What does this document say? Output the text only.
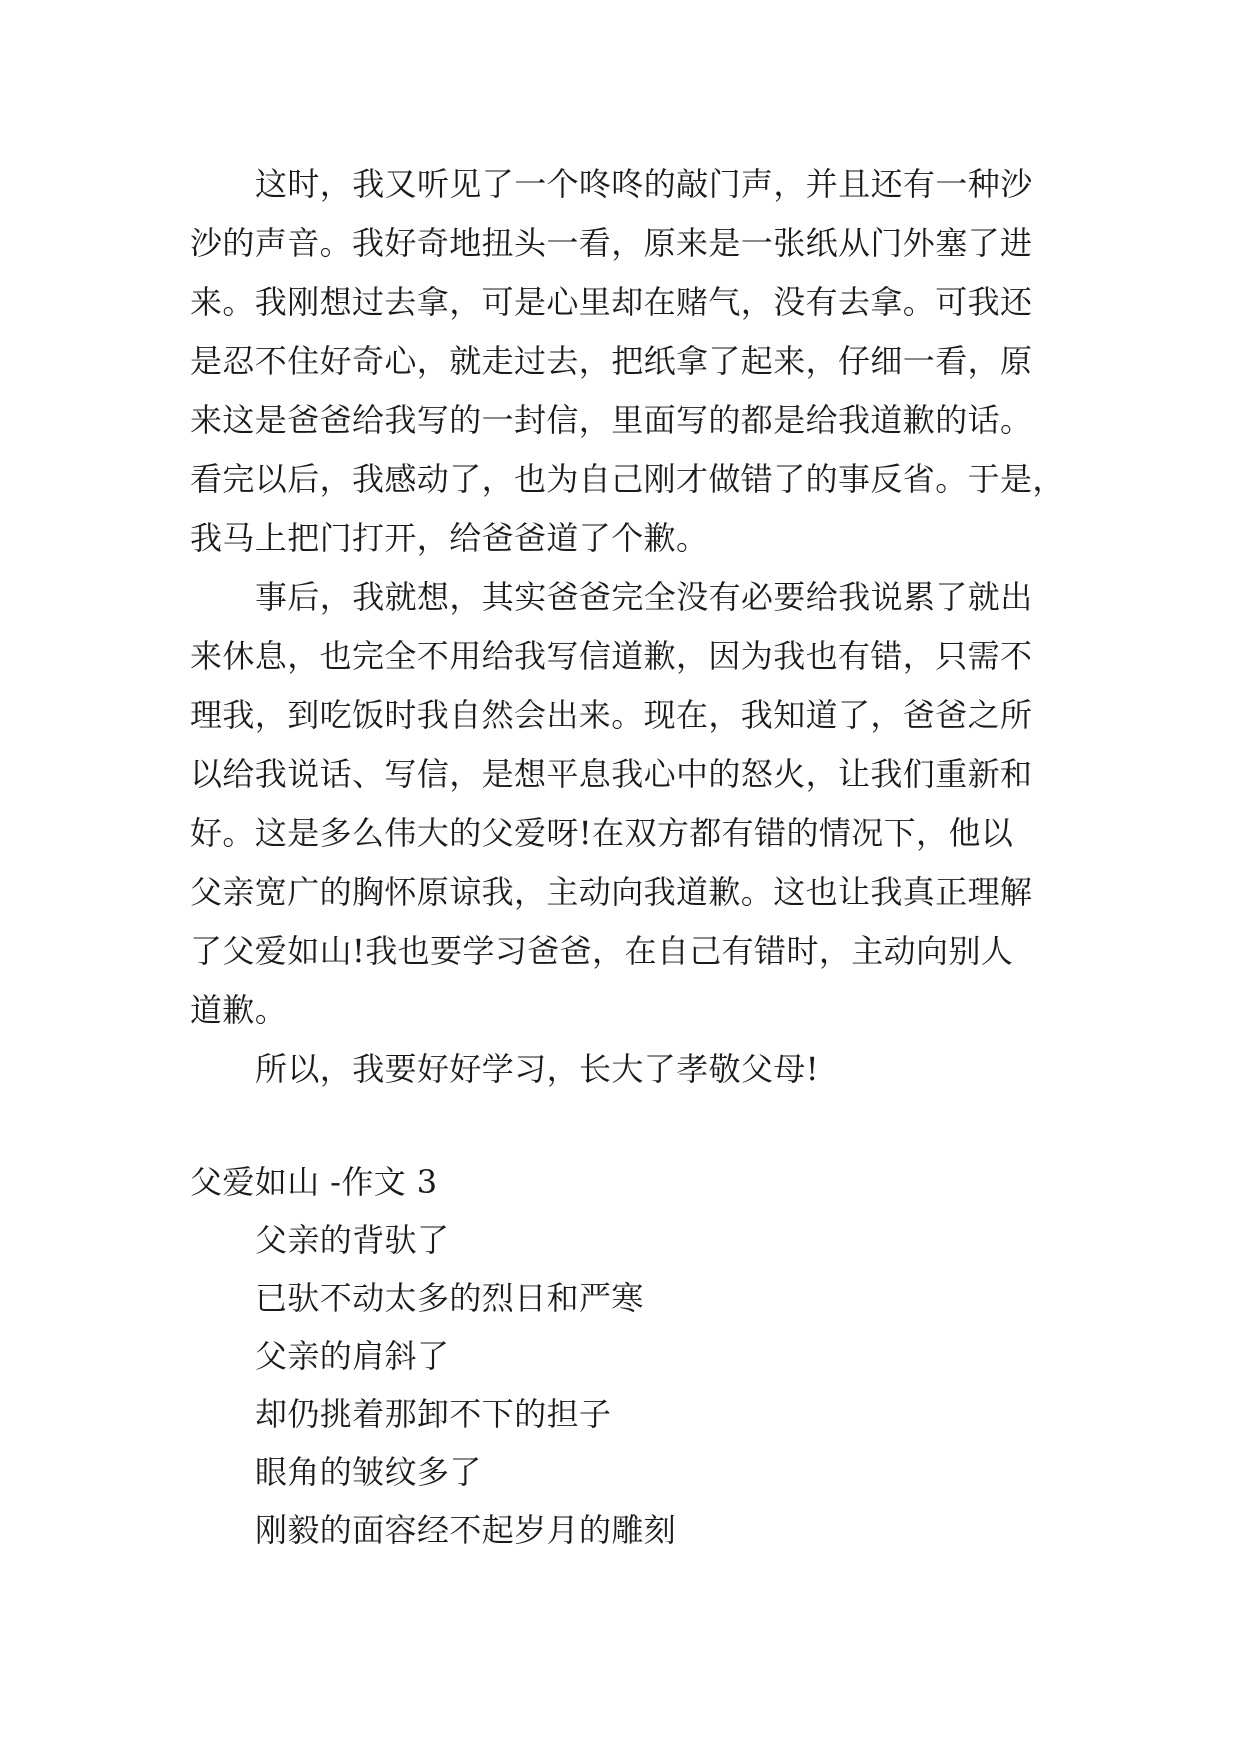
这时，我又听见了一个咚咚的敲门声，并且还有一种沙
沙的声音。我好奇地扭头一看，原来是一张纸从门外塞了进
来。我刚想过去拿，可是心里却在赌气，没有去拿。可我还
是忍不住好奇心，就走过去，把纸拿了起来，仔细一看，原
来这是爸爸给我写的一封信，里面写的都是给我道歉的话。
看完以后，我感动了，也为自己刚才做错了的事反省。于是，
我马上把门打开，给爸爸道了个歉。
事后，我就想，其实爸爸完全没有必要给我说累了就出
来休息，也完全不用给我写信道歉，因为我也有错，只需不
理我，到吃饭时我自然会出来。现在，我知道了，爸爸之所
以给我说话、写信，是想平息我心中的怒火，让我们重新和
好。这是多么伟大的父爱呀!在双方都有错的情况下，他以
父亲宽广的胸怀原谅我，主动向我道歉。这也让我真正理解
了父爱如山!我也要学习爸爸，在自己有错时，主动向别人
道歉。
所以，我要好好学习，长大了孝敬父母!
父爱如山 -作文 3
父亲的背驮了
已驮不动太多的烈日和严寒
父亲的肩斜了
却仍挑着那卸不下的担子
眼角的皱纹多了
刚毅的面容经不起岁月的雕刻
